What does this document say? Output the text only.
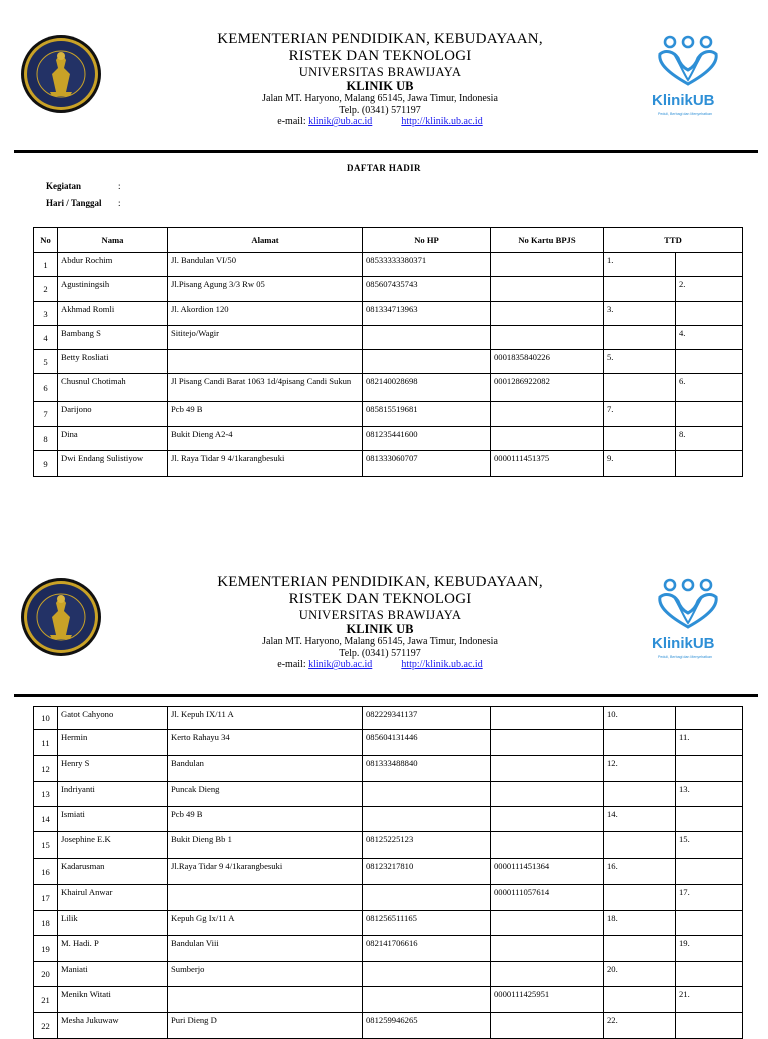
KEMENTERIAN PENDIDIKAN, KEBUDAYAAN,
RISTEK DAN TEKNOLOGI
UNIVERSITAS BRAWIJAYA
KLINIK UB
Jalan MT. Haryono, Malang 65145, Jawa Timur, Indonesia
Telp. (0341) 571197
e-mail: klinik@ub.ac.id	http://klinik.ub.ac.id
KlinikUB
Peduli, Berbagi dan Menyehatkan
DAFTAR HADIR
Kegiatan	:
Hari / Tanggal :
No	Nama	Alamat	No HP	No Kartu BPJS	TTD	
1	Abdur Rochim	Jl. Bandulan VI/50	08533333380371		1.	
2	Agustiningsih	Jl.Pisang Agung 3/3 Rw 05	085607435743			2.
3	Akhmad Romli	Jl. Akordion 120	081334713963		3.	
4	Bambang S	Sititejo/Wagir				4.
5	Betty Rosliati			0001835840226	5.	
6	Chusnul Chotimah	Jl Pisang Candi Barat 1063 1d/4pisang Candi Sukun	082140028698	0001286922082		6.
7	Darijono	Pcb 49 B	085815519681		7.	
8	Dina	Bukit Dieng A2-4	081235441600			8.
9	Dwi Endang Sulistiyow	Jl. Raya Tidar 9 4/1karangbesuki	081333060707	0000111451375	9.	
KEMENTERIAN PENDIDIKAN, KEBUDAYAAN,
RISTEK DAN TEKNOLOGI
UNIVERSITAS BRAWIJAYA
KLINIK UB
Jalan MT. Haryono, Malang 65145, Jawa Timur, Indonesia
Telp. (0341) 571197
e-mail: klinik@ub.ac.id	http://klinik.ub.ac.id
KlinikUB
Peduli, Berbagi dan Menyehatkan
10	Gatot Cahyono	Jl. Kepuh IX/11 A	082229341137		10.	
11	Hermin	Kerto Rahayu 34	085604131446			11.
12	Henry S	Bandulan	081333488840		12.	
13	Indriyanti	Puncak Dieng				13.
14	Ismiati	Pcb 49 B			14.	
15	Josephine E.K	Bukit Dieng Bb 1	08125225123			15.
16	Kadarusman	Jl.Raya Tidar 9 4/1karangbesuki	08123217810	0000111451364	16.	
17	Khairul Anwar			0000111057614		17.
18	Lilik	Kepuh Gg Ix/11 A	081256511165		18.	
19	M. Hadi. P	Bandulan Viii	082141706616			19.
20	Maniati	Sumberjo			20.	
21	Menikn Witati			0000111425951		21.
22	Mesha Jukuwaw	Puri Dieng D	081259946265		22.	
